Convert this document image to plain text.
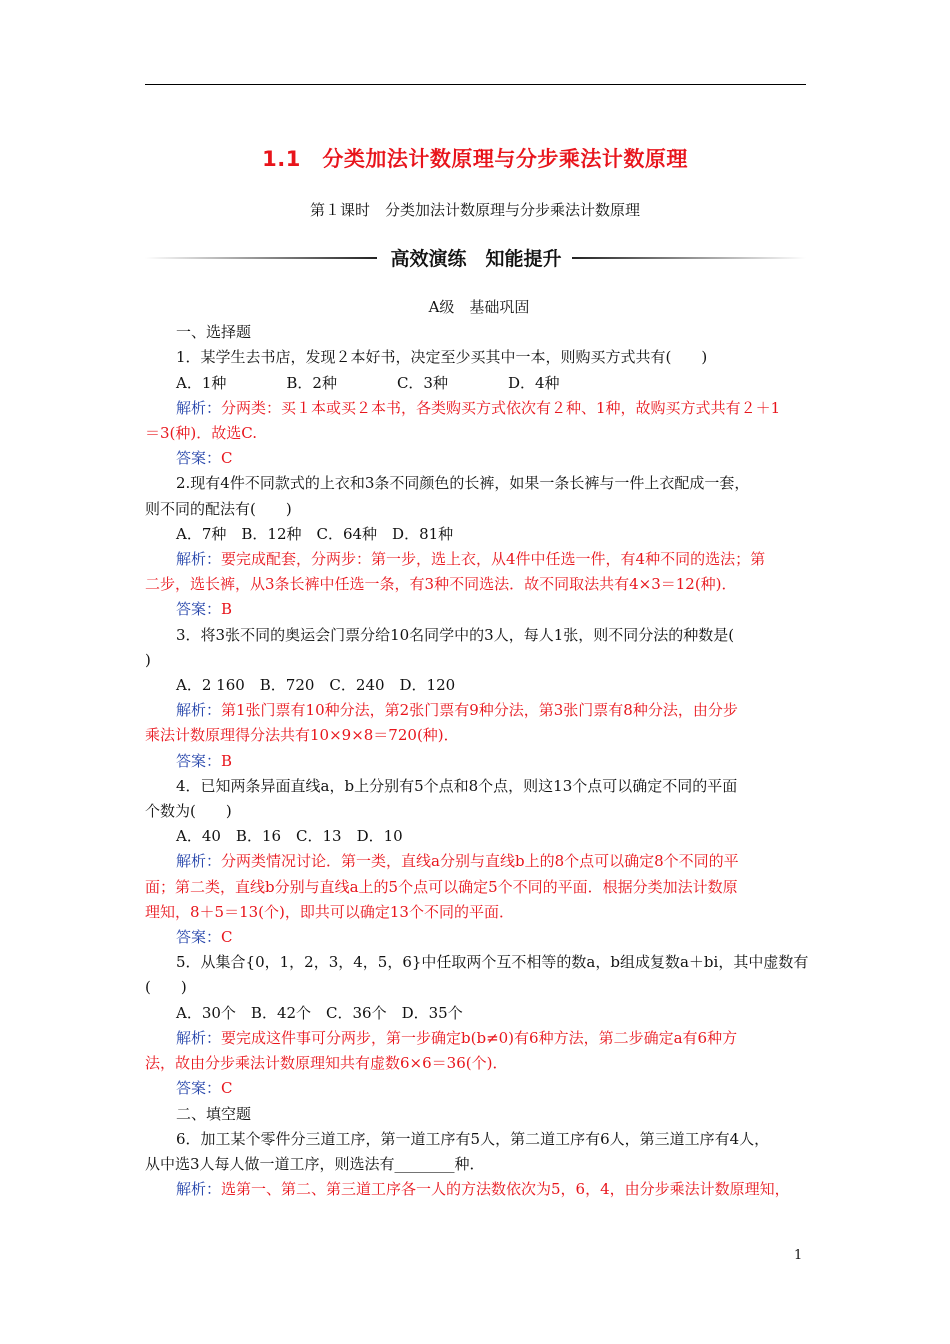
1.1　分类加法计数原理与分步乘法计数原理
第１课时　分类加法计数原理与分步乘法计数原理
高效演练　知能提升

A级　基础巩固

一、选择题

1．某学生去书店，发现２本好书，决定至少买其中一本，则购买方式共有(　　)

A．1种　　　　B．2种　　　　C．3种　　　　D．4种

解析：分两类：买１本或买２本书，各类购买方式依次有２种、1种，故购买方式共有２＋1

＝3(种)．故选C.

答案：C

2.现有4件不同款式的上衣和3条不同颜色的长裤，如果一条长裤与一件上衣配成一套，

则不同的配法有(　　)

A．7种　B．12种　C．64种　D．81种

解析：要完成配套，分两步：第一步，选上衣，从4件中任选一件，有4种不同的选法；第

二步，选长裤，从3条长裤中任选一条，有3种不同选法．故不同取法共有4×3＝12(种)．

答案：B

3．将3张不同的奥运会门票分给10名同学中的3人，每人1张，则不同分法的种数是(

)

A．2 160　B．720　C．240　D．120

解析：第1张门票有10种分法，第2张门票有9种分法，第3张门票有8种分法，由分步

乘法计数原理得分法共有10×9×8＝720(种)．

答案：B

4．已知两条异面直线a，b上分别有5个点和8个点，则这13个点可以确定不同的平面

个数为(　　)

A．40　B．16　C．13　D．10

解析：分两类情况讨论．第一类，直线a分别与直线b上的8个点可以确定8个不同的平

面；第二类，直线b分别与直线a上的5个点可以确定5个不同的平面．根据分类加法计数原

理知，8＋5＝13(个)，即共可以确定13个不同的平面．

答案：C

5．从集合{0，1，2，3，4，5，6}中任取两个互不相等的数a，b组成复数a＋bi，其中虚数有

(　　)

A．30个　B．42个　C．36个　D．35个

解析：要完成这件事可分两步，第一步确定b(b≠0)有6种方法，第二步确定a有6种方

法，故由分步乘法计数原理知共有虚数6×6＝36(个)．

答案：C

二、填空题

6．加工某个零件分三道工序，第一道工序有5人，第二道工序有6人，第三道工序有4人，

从中选3人每人做一道工序，则选法有________种．

解析：选第一、第二、第三道工序各一人的方法数依次为5，6，4，由分步乘法计数原理知，

1
